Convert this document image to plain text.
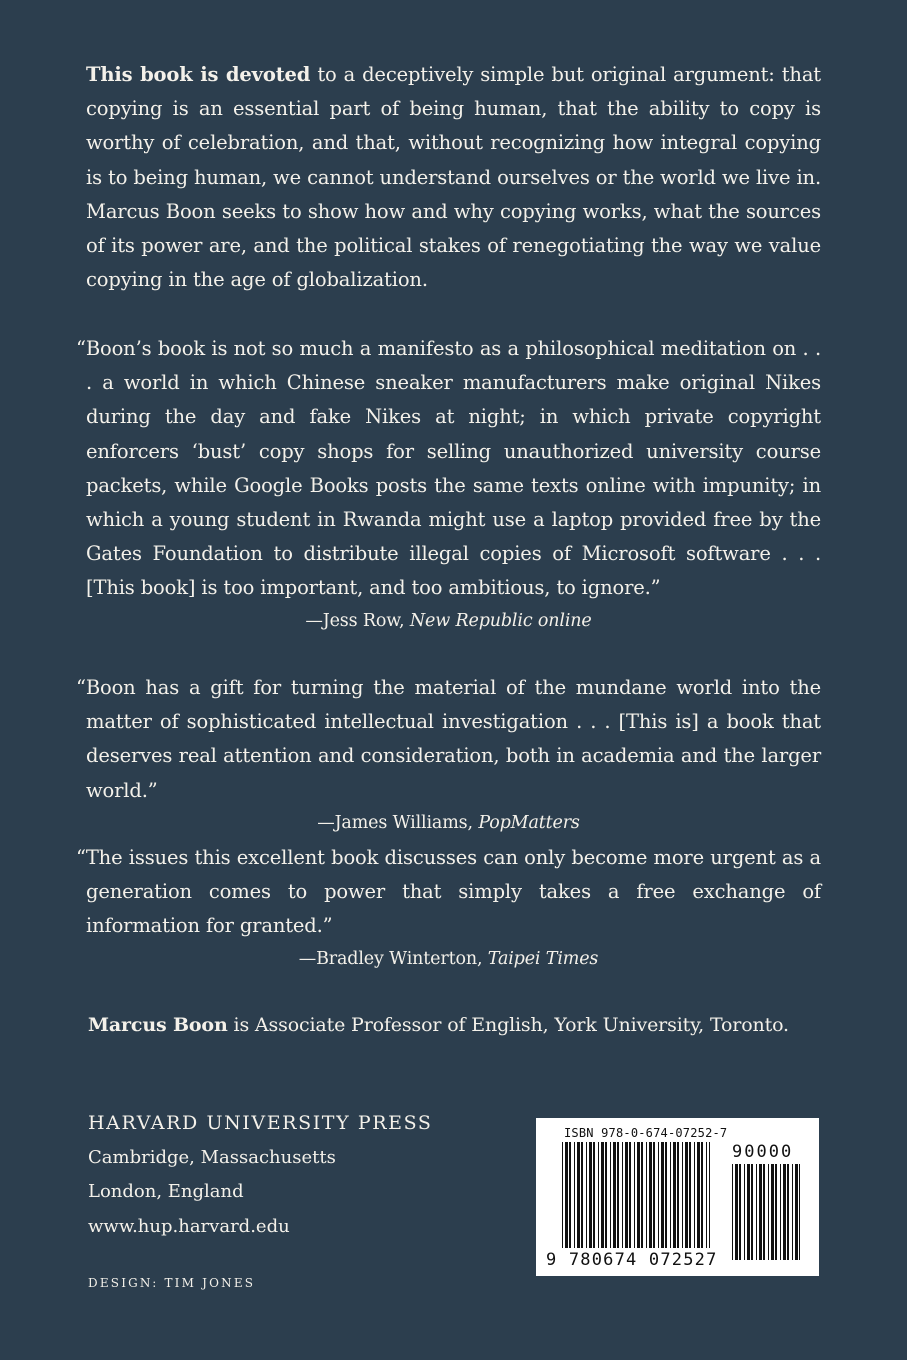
This book is devoted to a deceptively simple but original argument: that copying is an essential part of being human, that the ability to copy is worthy of celebration, and that, without recognizing how integral copying is to being human, we cannot understand ourselves or the world we live in. Marcus Boon seeks to show how and why copying works, what the sources of its power are, and the political stakes of renegotiating the way we value copying in the age of globalization.

“Boon’s book is not so much a manifesto as a philosophical meditation on . . . a world in which Chinese sneaker manufacturers make original Nikes during the day and fake Nikes at night; in which private copyright enforcers ‘bust’ copy shops for selling unauthorized university course packets, while Google Books posts the same texts online with impunity; in which a young student in Rwanda might use a laptop provided free by the Gates Foundation to distribute illegal copies of Microsoft software . . . [This book] is too important, and too ambitious, to ignore.”
—Jess Row, New Republic online
“Boon has a gift for turning the material of the mundane world into the matter of sophisticated intellectual investigation . . . [This is] a book that deserves real attention and consideration, both in academia and the larger world.”
—James Williams, PopMatters
“The issues this excellent book discusses can only become more urgent as a generation comes to power that simply takes a free exchange of information for granted.”
—Bradley Winterton, Taipei Times

Marcus Boon is Associate Professor of English, York University, Toronto.

HARVARD UNIVERSITY PRESS
Cambridge, Massachusetts
London, England
www.hup.harvard.edu
DESIGN: TIM JONES
ISBN 978-0-674-07252-7
90000
9 780674 072527
